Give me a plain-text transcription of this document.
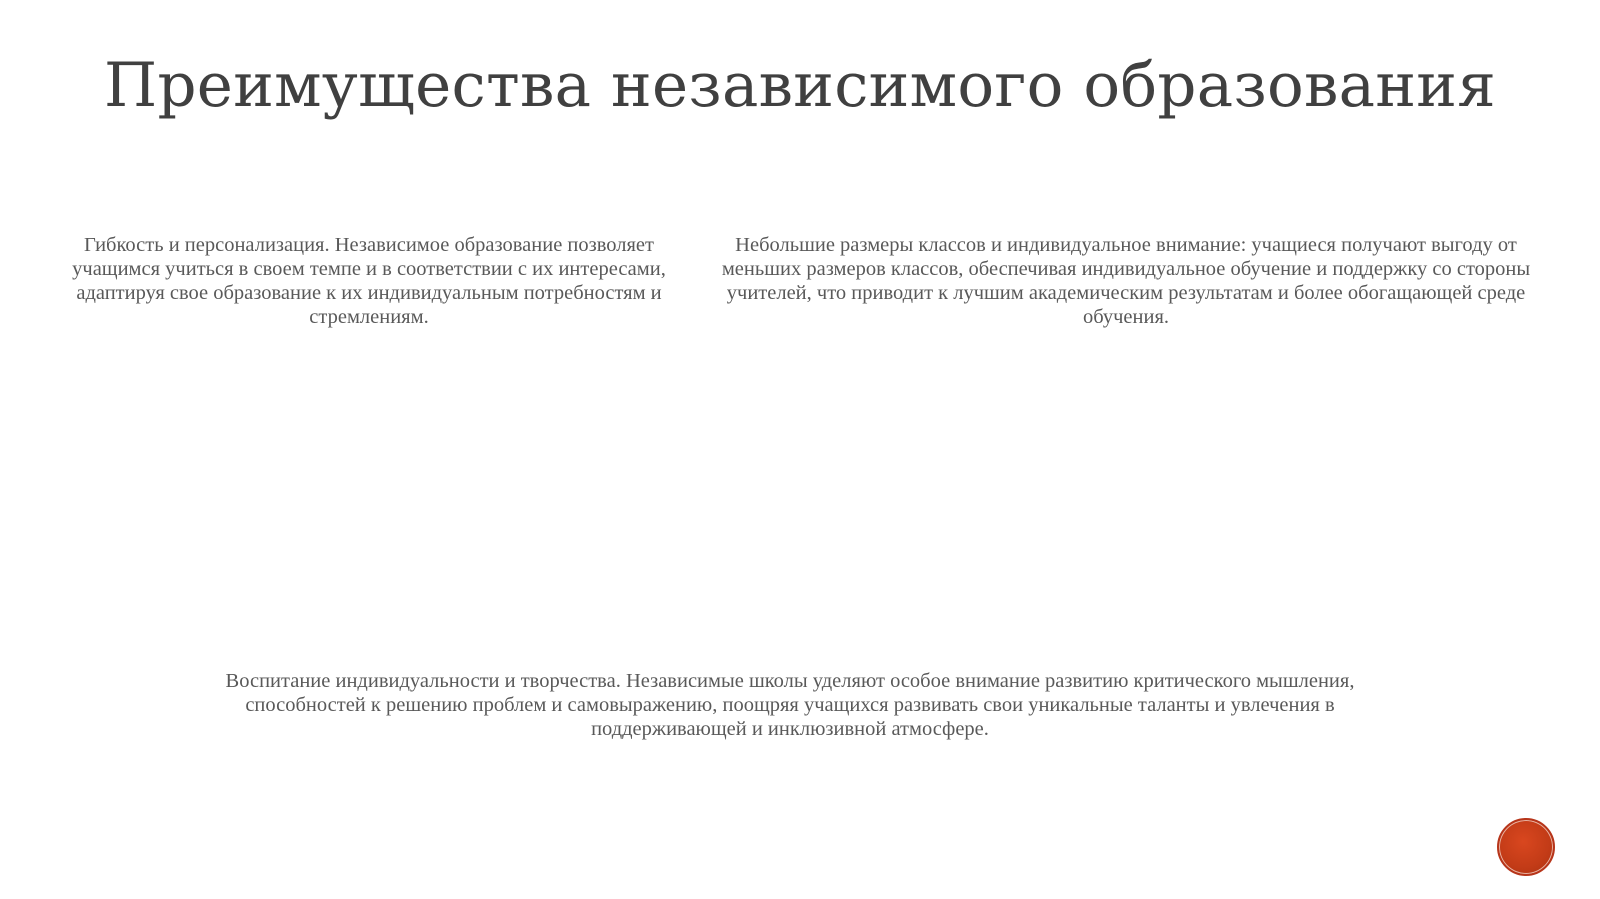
Преимущества независимого образования

Гибкость и персонализация. Независимое образование позволяет учащимся учиться в своем темпе и в соответствии с их интересами, адаптируя свое образование к их индивидуальным потребностям и стремлениям.

Небольшие размеры классов и индивидуальное внимание: учащиеся получают выгоду от меньших размеров классов, обеспечивая индивидуальное обучение и поддержку со стороны учителей, что приводит к лучшим академическим результатам и более обогащающей среде обучения.

Воспитание индивидуальности и творчества. Независимые школы уделяют особое внимание развитию критического мышления, способностей к решению проблем и самовыражению, поощряя учащихся развивать свои уникальные таланты и увлечения в поддерживающей и инклюзивной атмосфере.
